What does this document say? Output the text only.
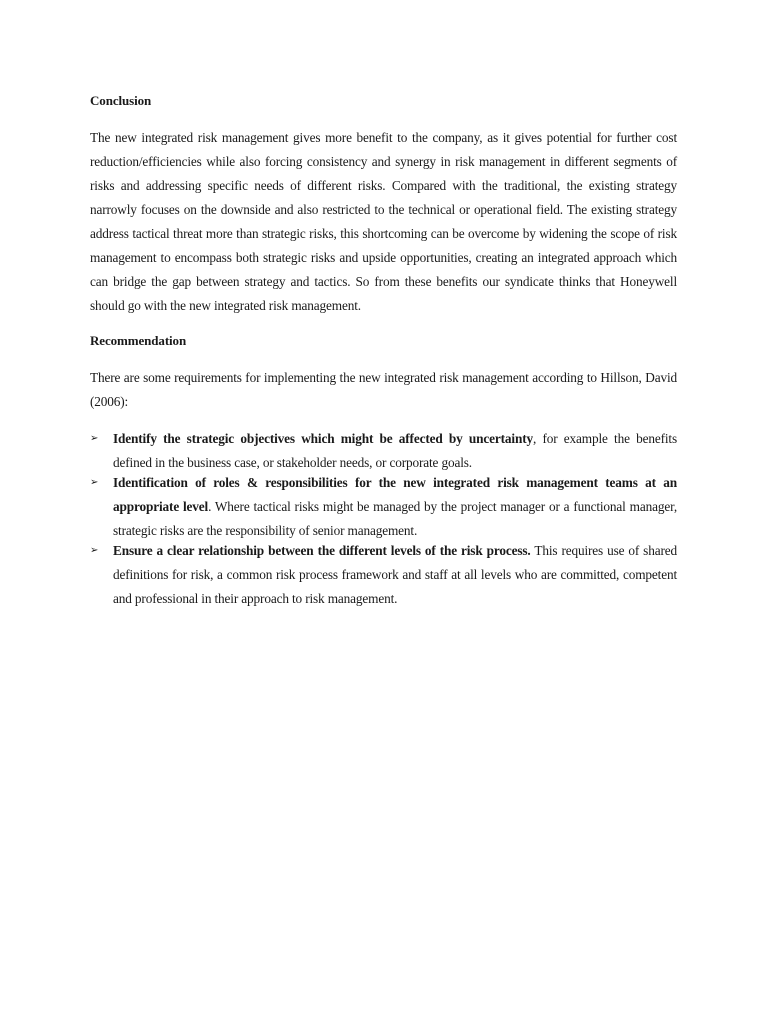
Conclusion

The new integrated risk management gives more benefit to the company, as it gives potential for further cost reduction/efficiencies while also forcing consistency and synergy in risk management in different segments of risks and addressing specific needs of different risks. Compared with the traditional, the existing strategy narrowly focuses on the downside and also restricted to the technical or operational field. The existing strategy address tactical threat more than strategic risks, this shortcoming can be overcome by widening the scope of risk management to encompass both strategic risks and upside opportunities, creating an integrated approach which can bridge the gap between strategy and tactics. So from these benefits our syndicate thinks that Honeywell should go with the new integrated risk management.

Recommendation

There are some requirements for implementing the new integrated risk management according to Hillson, David (2006):

➢ Identify the strategic objectives which might be affected by uncertainty, for example the benefits defined in the business case, or stakeholder needs, or corporate goals.
➢ Identification of roles & responsibilities for the new integrated risk management teams at an appropriate level. Where tactical risks might be managed by the project manager or a functional manager, strategic risks are the responsibility of senior management.
➢ Ensure a clear relationship between the different levels of the risk process. This requires use of shared definitions for risk, a common risk process framework and staff at all levels who are committed, competent and professional in their approach to risk management.
